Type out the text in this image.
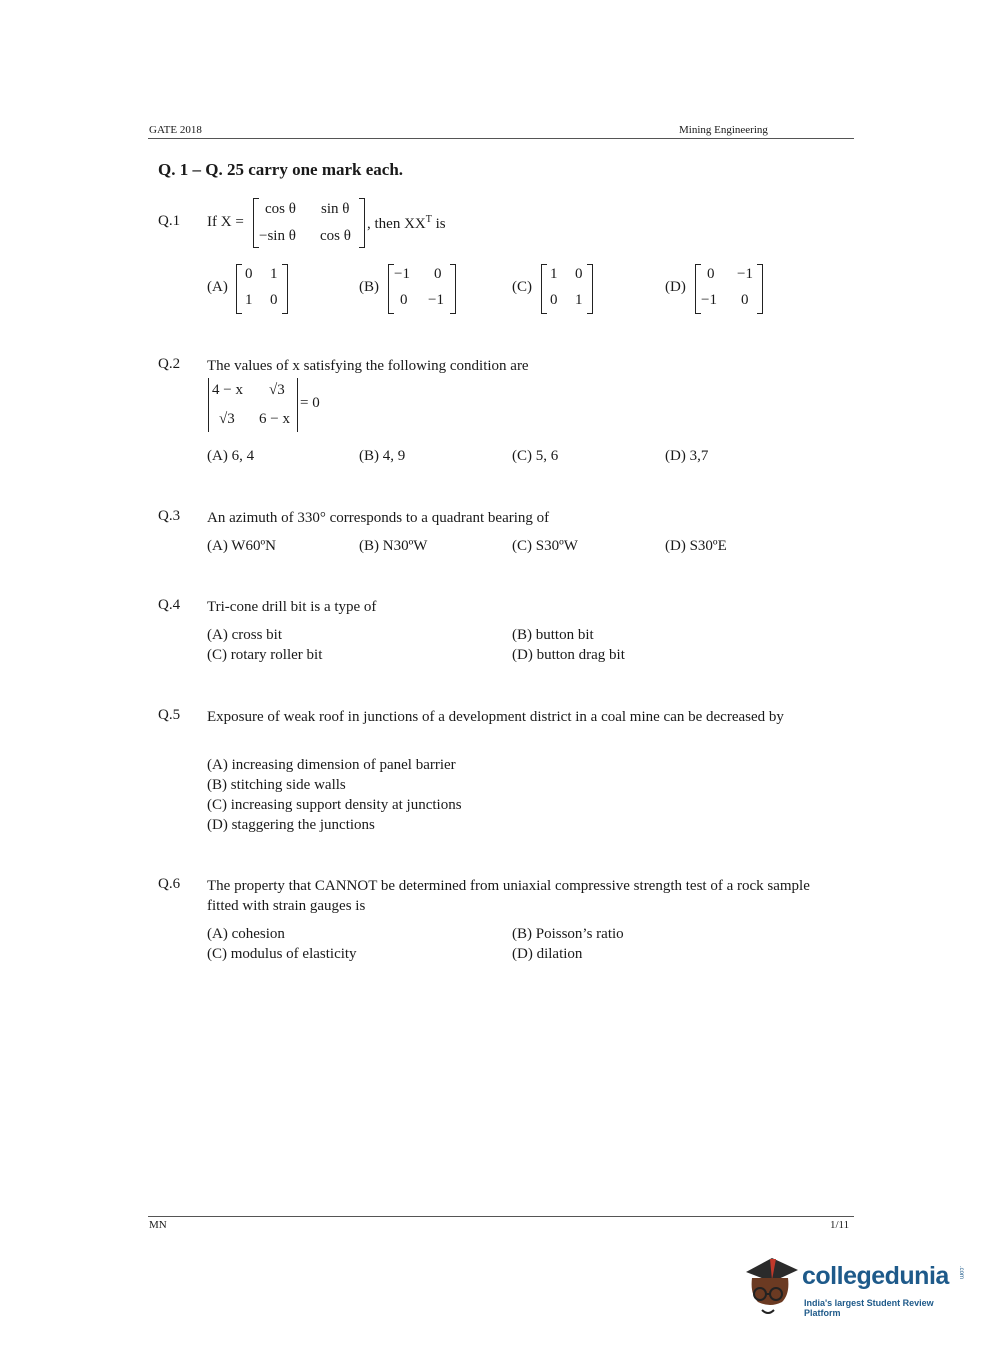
GATE 2018	Mining Engineering
Q. 1 – Q. 25 carry one mark each.
Q.1 If X =
cos θ sin θ
−sin θ cos θ
, then $XX^T$ is
(A)
0 1
1 0
(B)
−1 0
0 −1
(C)
1 0
0 1
(D)
0 −1
−1 0
Q.2 The values of x satisfying the following condition are
4 − x √3
√3 6 − x
= 0
(A) 6, 4	(B) 4, 9	(C) 5, 6	(D) 3,7
Q.3 An azimuth of 330° corresponds to a quadrant bearing of
(A) W60ºN	(B) N30ºW	(C) S30ºW	(D) S30ºE
Q.4 Tri-cone drill bit is a type of
(A) cross bit	(B) button bit
(C) rotary roller bit	(D) button drag bit
Q.5 Exposure of weak roof in junctions of a development district in a coal mine can be decreased by
(A) increasing dimension of panel barrier
(B) stitching side walls
(C) increasing support density at junctions
(D) staggering the junctions
Q.6 The property that CANNOT be determined from uniaxial compressive strength test of a rock sample fitted with strain gauges is
(A) cohesion	(B) Poisson’s ratio
(C) modulus of elasticity	(D) dilation
MN	1/11
collegedunia .com
India's largest Student Review Platform
